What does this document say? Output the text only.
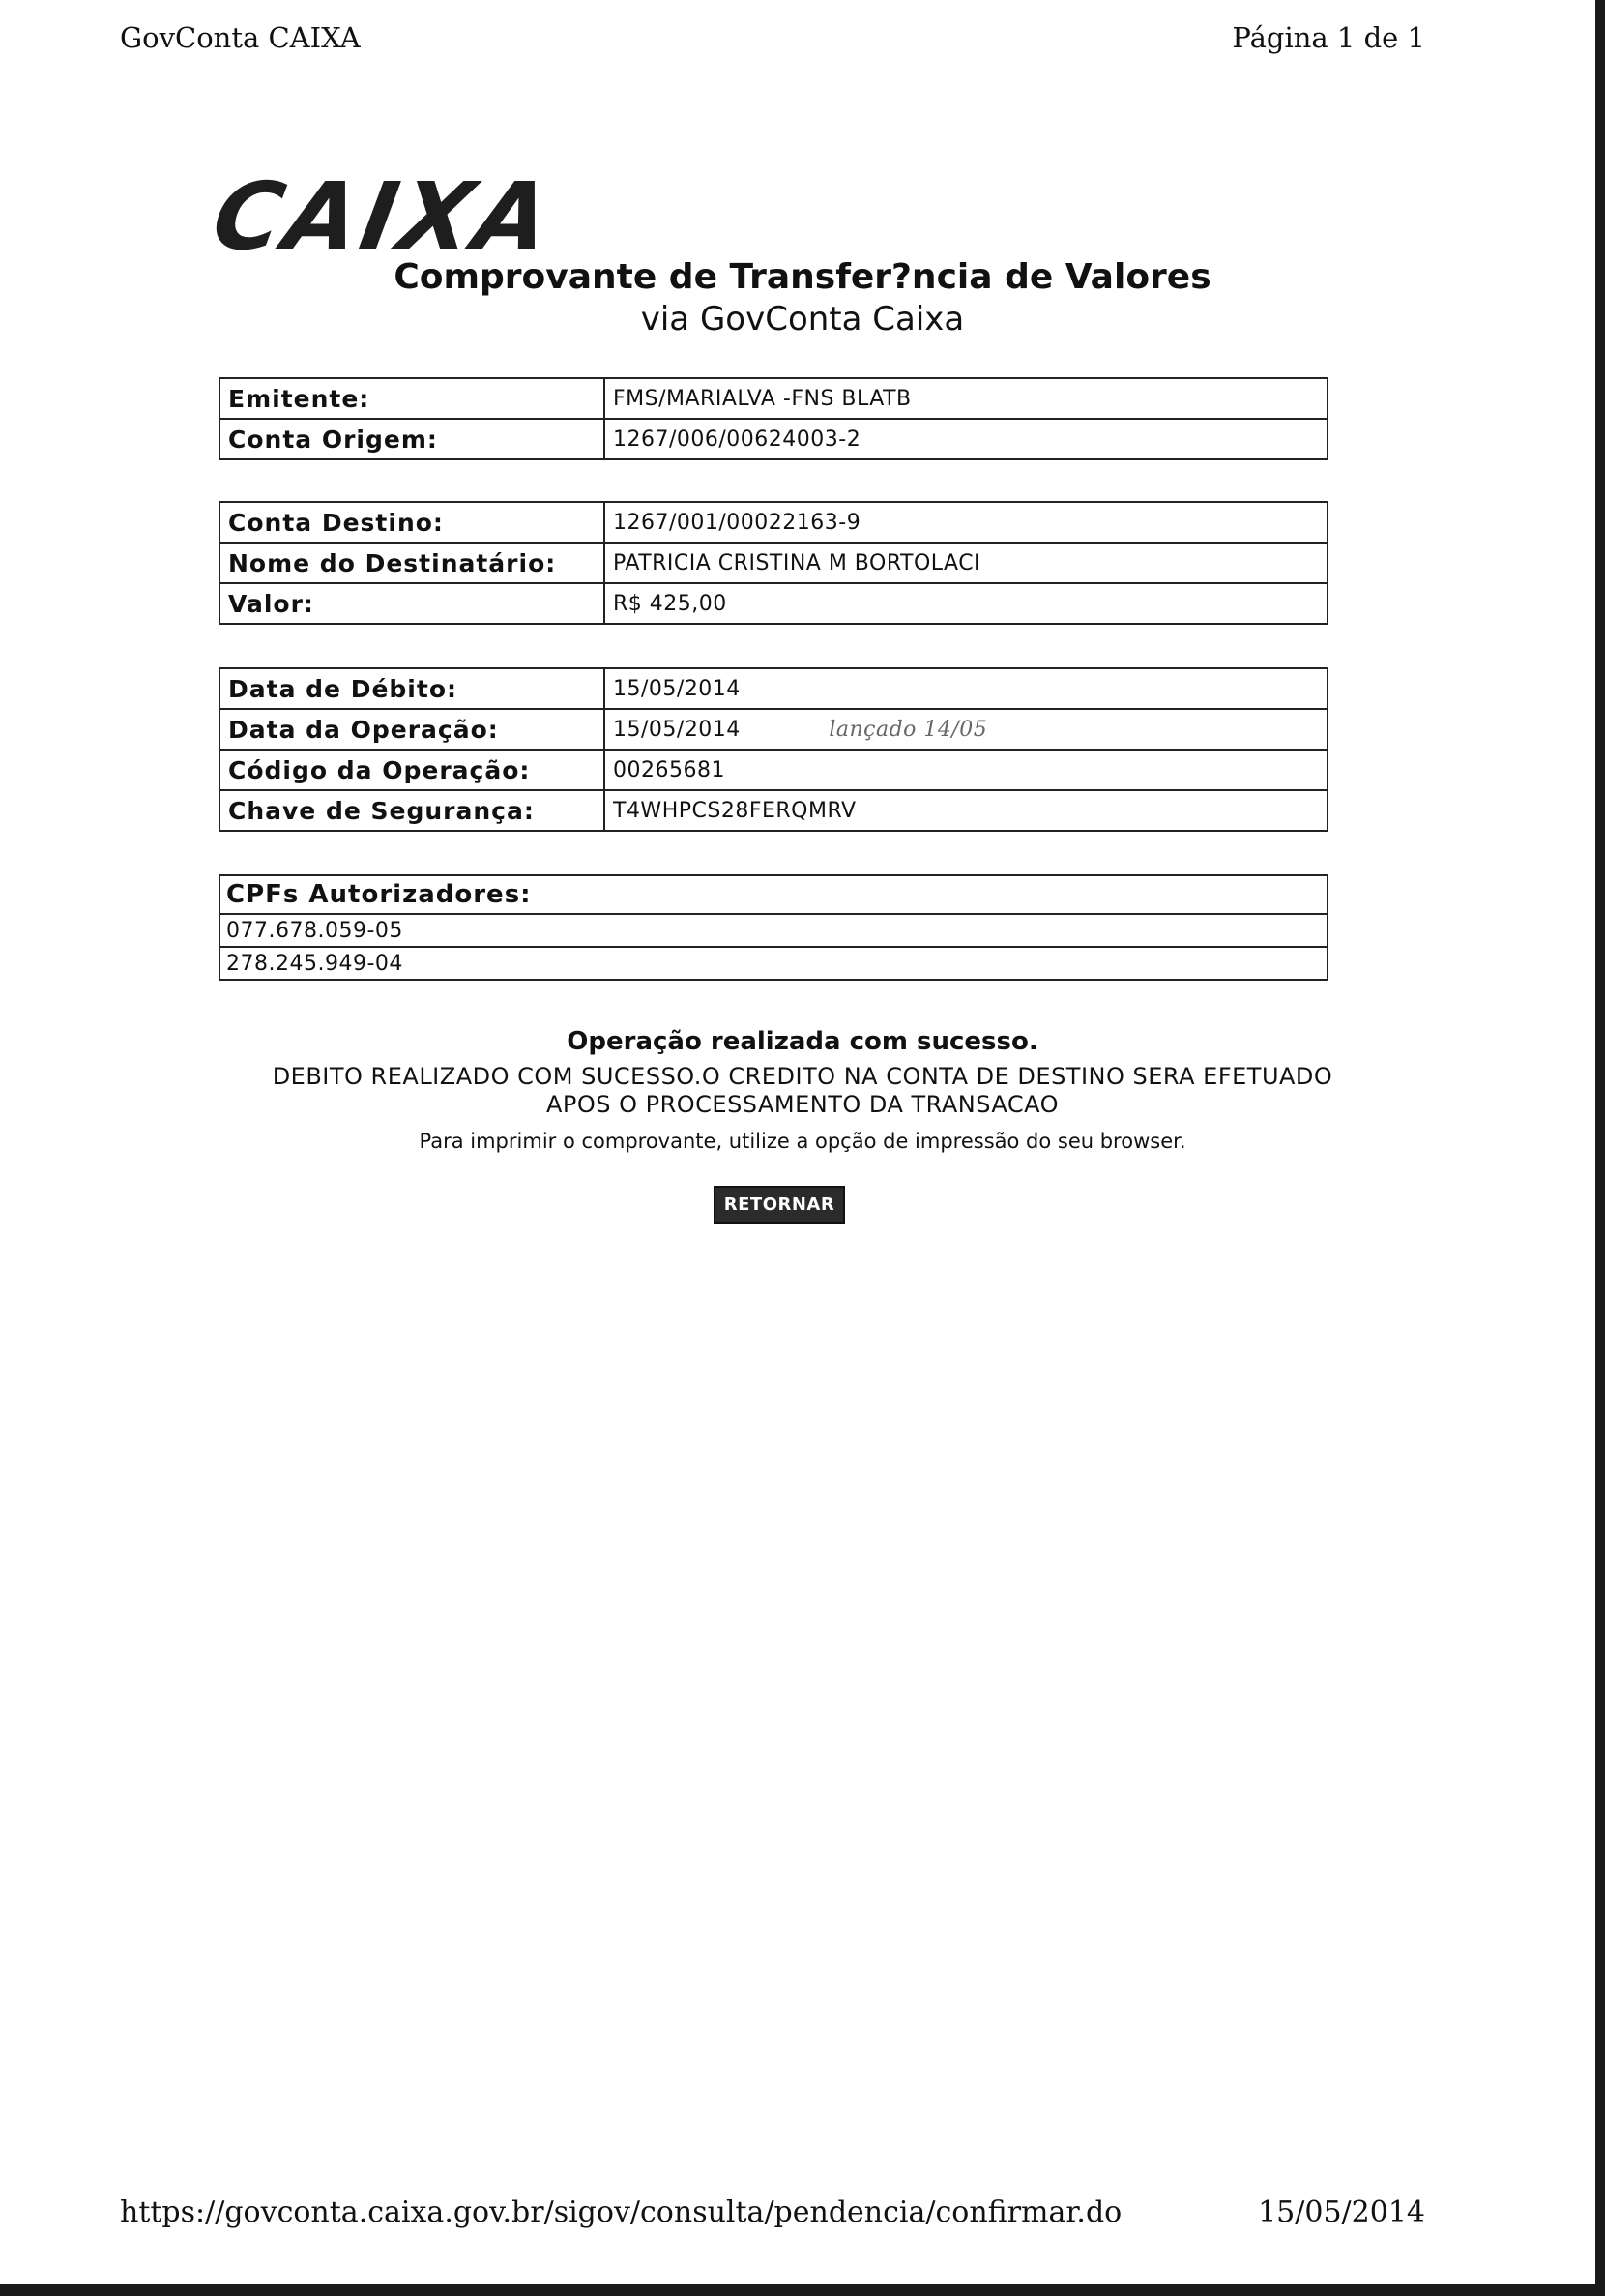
GovConta CAIXA	Página 1 de 1
CAIXA
Comprovante de Transfer?ncia de Valores
via GovConta Caixa
Emitente:	FMS/MARIALVA -FNS BLATB
Conta Origem:	1267/006/00624003-2
Conta Destino:	1267/001/00022163-9
Nome do Destinatário:	PATRICIA CRISTINA M BORTOLACI
Valor:	R$ 425,00
Data de Débito:	15/05/2014
Data da Operação:	15/05/2014 lançado 14/05
Código da Operação:	00265681
Chave de Segurança:	T4WHPCS28FERQMRV
CPFs Autorizadores:
077.678.059-05
278.245.949-04
Operação realizada com sucesso.
DEBITO REALIZADO COM SUCESSO.O CREDITO NA CONTA DE DESTINO SERA EFETUADO
APOS O PROCESSAMENTO DA TRANSACAO
Para imprimir o comprovante, utilize a opção de impressão do seu browser.
RETORNAR
https://govconta.caixa.gov.br/sigov/consulta/pendencia/confirmar.do	15/05/2014
